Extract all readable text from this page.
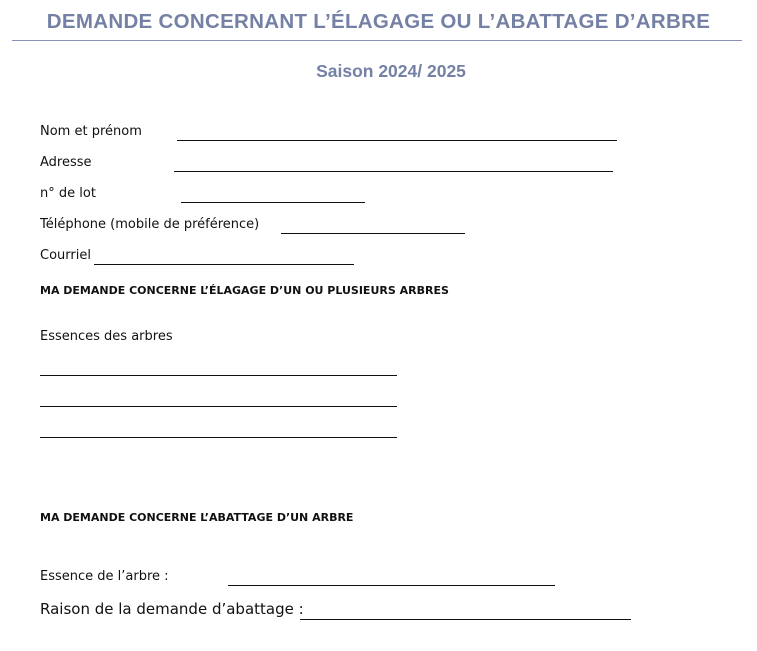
DEMANDE CONCERNANT L’ÉLAGAGE OU L’ABATTAGE D’ARBRE
Saison 2024/ 2025
Nom et prénom
Adresse
n° de lot
Téléphone (mobile de préférence)
Courriel
MA DEMANDE CONCERNE L’ÉLAGAGE D’UN OU PLUSIEURS ARBRES
Essences des arbres
MA DEMANDE CONCERNE L’ABATTAGE D’UN ARBRE
Essence de l’arbre :
Raison de la demande d’abattage :
